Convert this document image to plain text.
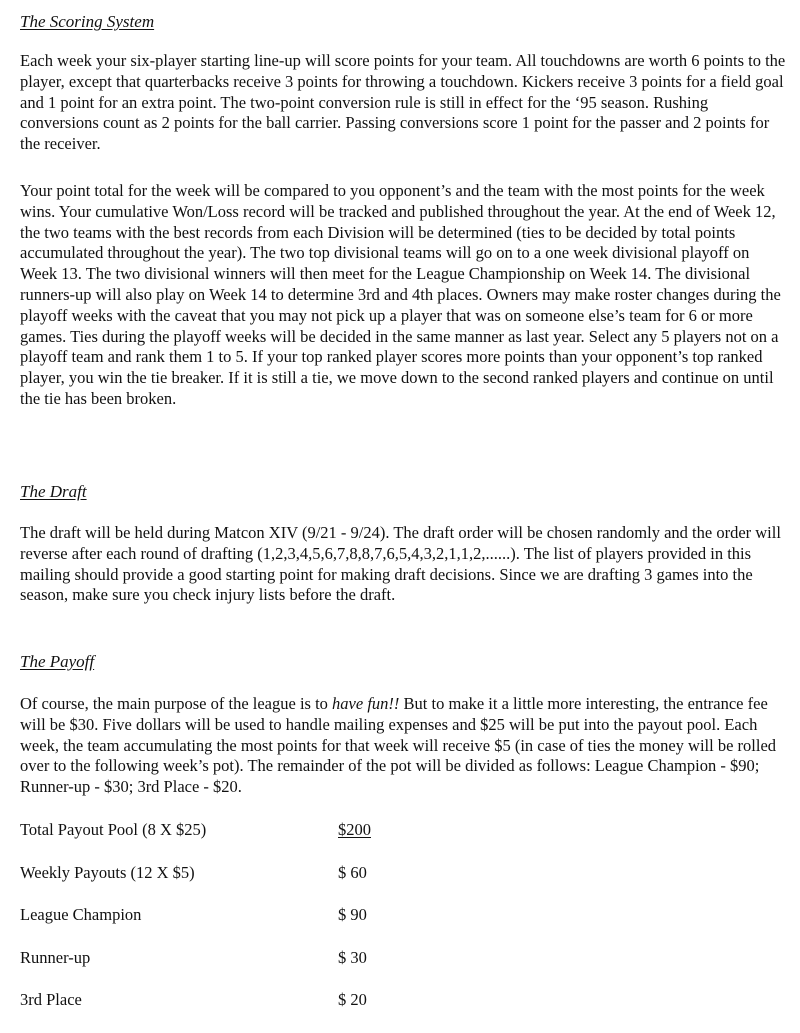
The Scoring System

Each week your six-player starting line-up will score points for your team. All touchdowns are worth 6 points to the player, except that quarterbacks receive 3 points for throwing a touchdown. Kickers receive 3 points for a field goal and 1 point for an extra point. The two-point conversion rule is still in effect for the ‘95 season. Rushing conversions count as 2 points for the ball carrier. Passing conversions score 1 point for the passer and 2 points for the receiver.

Your point total for the week will be compared to you opponent’s and the team with the most points for the week wins. Your cumulative Won/Loss record will be tracked and published throughout the year. At the end of Week 12, the two teams with the best records from each Division will be determined (ties to be decided by total points accumulated throughout the year). The two top divisional teams will go on to a one week divisional playoff on Week 13. The two divisional winners will then meet for the League Championship on Week 14. The divisional runners-up will also play on Week 14 to determine 3rd and 4th places. Owners may make roster changes during the playoff weeks with the caveat that you may not pick up a player that was on someone else’s team for 6 or more games. Ties during the playoff weeks will be decided in the same manner as last year. Select any 5 players not on a playoff team and rank them 1 to 5. If your top ranked player scores more points than your opponent’s top ranked player, you win the tie breaker. If it is still a tie, we move down to the second ranked players and continue on until the tie has been broken.

The Draft

The draft will be held during Matcon XIV (9/21 - 9/24). The draft order will be chosen randomly and the order will reverse after each round of drafting (1,2,3,4,5,6,7,8,8,7,6,5,4,3,2,1,1,2,......). The list of players provided in this mailing should provide a good starting point for making draft decisions. Since we are drafting 3 games into the season, make sure you check injury lists before the draft.

The Payoff

Of course, the main purpose of the league is to have fun!! But to make it a little more interesting, the entrance fee will be $30. Five dollars will be used to handle mailing expenses and $25 will be put into the payout pool. Each week, the team accumulating the most points for that week will receive $5 (in case of ties the money will be rolled over to the following week’s pot). The remainder of the pot will be divided as follows: League Champion - $90; Runner-up - $30; 3rd Place - $20.

Total Payout Pool (8 X $25)	$200
Weekly Payouts (12 X $5)	$ 60
League Champion	$ 90
Runner-up	$ 30
3rd Place	$ 20
